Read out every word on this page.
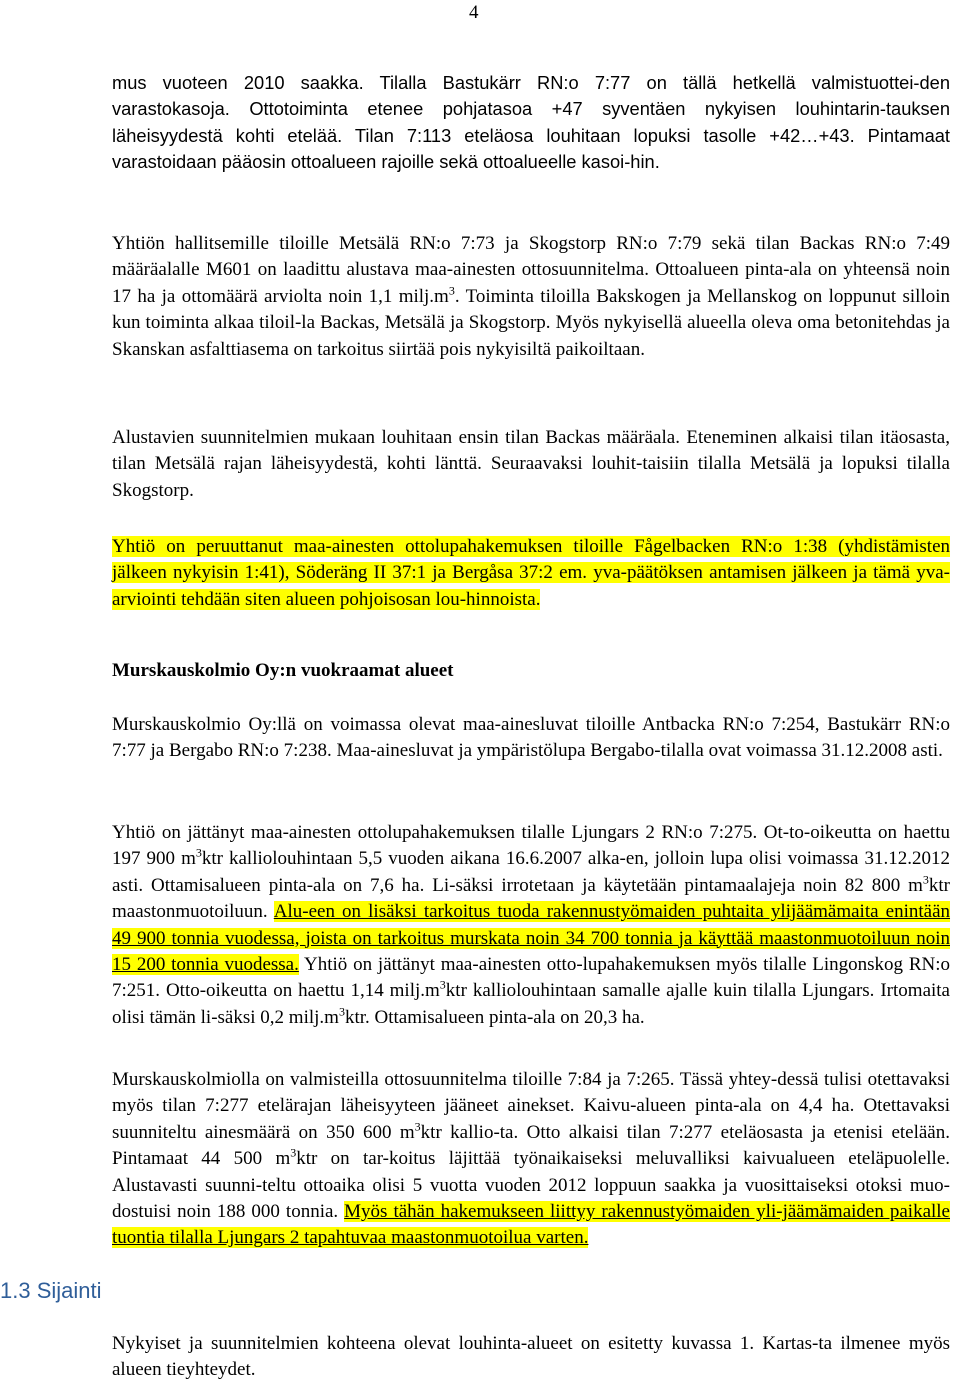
4

mus vuoteen 2010 saakka. Tilalla Bastukärr RN:o 7:77 on tällä hetkellä valmistuottei-den varastokasoja. Ottotoiminta etenee pohjatasoa +47 syventäen nykyisen louhintarin-tauksen läheisyydestä kohti etelää. Tilan 7:113 eteläosa louhitaan lopuksi tasolle +42…+43. Pintamaat varastoidaan pääosin ottoalueen rajoille sekä ottoalueelle kasoi-hin.

Yhtiön hallitsemille tiloille Metsälä RN:o 7:73 ja Skogstorp RN:o 7:79 sekä tilan Backas RN:o 7:49 määräalalle M601 on laadittu alustava maa-ainesten ottosuunnitelma. Ottoalueen pinta-ala on yhteensä noin 17 ha ja ottomäärä arviolta noin 1,1 $milj.m^3$. Toiminta tiloilla Bakskogen ja Mellanskog on loppunut silloin kun toiminta alkaa tiloil-la Backas, Metsälä ja Skogstorp. Myös nykyisellä alueella oleva oma betonitehdas ja Skanskan asfalttiasema on tarkoitus siirtää pois nykyisiltä paikoiltaan.

Alustavien suunnitelmien mukaan louhitaan ensin tilan Backas määräala. Eteneminen alkaisi tilan itäosasta, tilan Metsälä rajan läheisyydestä, kohti länttä. Seuraavaksi louhit-taisiin tilalla Metsälä ja lopuksi tilalla Skogstorp.

Yhtiö on peruuttanut maa-ainesten ottolupahakemuksen tiloille Fågelbacken RN:o 1:38 (yhdistämisten jälkeen nykyisin 1:41), Söderäng II 37:1 ja Bergåsa 37:2 em. yva-päätöksen antamisen jälkeen ja tämä yva-arviointi tehdään siten alueen pohjoisosan lou-hinnoista.

Murskauskolmio Oy:n vuokraamat alueet

Murskauskolmio Oy:llä on voimassa olevat maa-ainesluvat tiloille Antbacka RN:o 7:254, Bastukärr RN:o 7:77 ja Bergabo RN:o 7:238. Maa-ainesluvat ja ympäristölupa Bergabo-tilalla ovat voimassa 31.12.2008 asti.

Yhtiö on jättänyt maa-ainesten ottolupahakemuksen tilalle Ljungars 2 RN:o 7:275. Ot-to-oikeutta on haettu 197 900 $m^3ktr$ kalliolouhintaan 5,5 vuoden aikana 16.6.2007 alka-en, jolloin lupa olisi voimassa 31.12.2012 asti. Ottamisalueen pinta-ala on 7,6 ha. Li-säksi irrotetaan ja käytetään pintamaalajeja noin 82 800 $m^3ktr$ maastonmuotoiluun. Alu-een on lisäksi tarkoitus tuoda rakennustyömaiden puhtaita ylijäämämaita enintään 49 900 tonnia vuodessa, joista on tarkoitus murskata noin 34 700 tonnia ja käyttää maastonmuotoiluun noin 15 200 tonnia vuodessa. Yhtiö on jättänyt maa-ainesten otto-lupahakemuksen myös tilalle Lingonskog RN:o 7:251. Otto-oikeutta on haettu 1,14 $milj.m^3ktr$ kalliolouhintaan samalle ajalle kuin tilalla Ljungars. Irtomaita olisi tämän li-säksi 0,2 $milj.m^3ktr$. Ottamisalueen pinta-ala on 20,3 ha.

Murskauskolmiolla on valmisteilla ottosuunnitelma tiloille 7:84 ja 7:265. Tässä yhtey-dessä tulisi otettavaksi myös tilan 7:277 etelärajan läheisyyteen jääneet ainekset. Kaivu-alueen pinta-ala on 4,4 ha. Otettavaksi suunniteltu ainesmäärä on 350 600 $m^3ktr$ kallio-ta. Otto alkaisi tilan 7:277 eteläosasta ja etenisi etelään. Pintamaat 44 500 $m^3ktr$ on tar-koitus läjittää työnaikaiseksi meluvalliksi kaivualueen eteläpuolelle. Alustavasti suunni-teltu ottoaika olisi 5 vuotta vuoden 2012 loppuun saakka ja vuosittaiseksi otoksi muo-dostuisi noin 188 000 tonnia. Myös tähän hakemukseen liittyy rakennustyömaiden yli-jäämämaiden paikalle tuontia tilalla Ljungars 2 tapahtuvaa maastonmuotoilua varten.

1.3 Sijainti

Nykyiset ja suunnitelmien kohteena olevat louhinta-alueet on esitetty kuvassa 1. Kartas-ta ilmenee myös alueen tieyhteydet.
